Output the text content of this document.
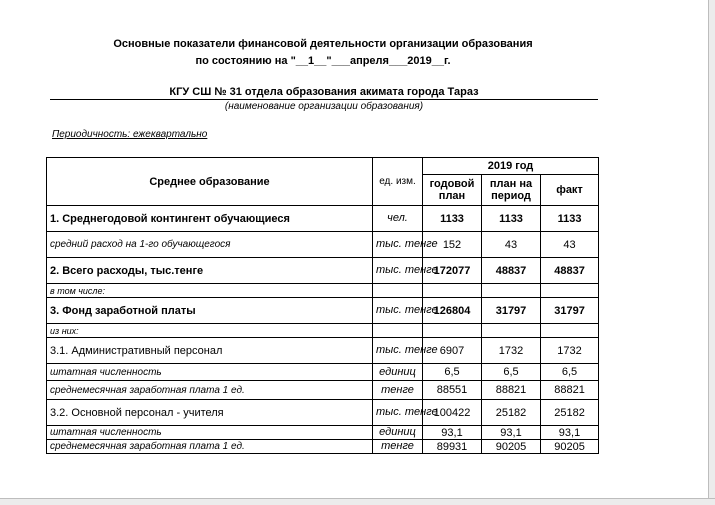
Основные показатели финансовой деятельности организации образования
по состоянию на "__1__"___апреля___2019__г.
КГУ СШ № 31 отдела образования акимата города Тараз
(наименование организации образования)
Периодичность: ежеквартально
Среднее образование	ед. изм.	2019 год		
		годовой план	план на период	факт
1. Среднегодовой контингент обучающиеся	чел.	1133	1133	1133
средний расход на 1-го обучающегося	тыс. тенге	152	43	43
2. Всего расходы, тыс.тенге	тыс. тенге	172077	48837	48837
в том числе:				
3. Фонд заработной платы	тыс. тенге	126804	31797	31797
из них:				
3.1. Административный персонал	тыс. тенге	6907	1732	1732
штатная численность	единиц	6,5	6,5	6,5
среднемесячная заработная плата 1 ед.	тенге	88551	88821	88821
3.2. Основной персонал - учителя	тыс. тенге	100422	25182	25182
штатная численность	единиц	93,1	93,1	93,1
среднемесячная заработная плата 1 ед.	тенге	89931	90205	90205
